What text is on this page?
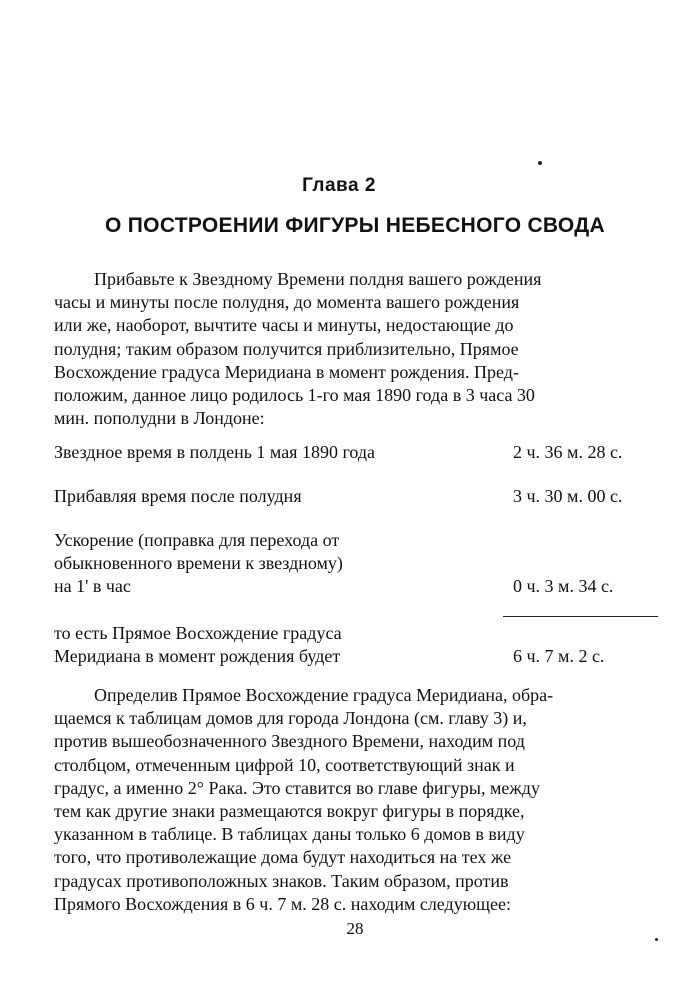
Глава 2
О ПОСТРОЕНИИ ФИГУРЫ НЕБЕСНОГО СВОДА
Прибавьте к Звездному Времени полдня вашего рождения
часы и минуты после полудня, до момента вашего рождения
или же, наоборот, вычтите часы и минуты, недостающие до
полудня; таким образом получится приблизительно, Прямое
Восхождение градуса Меридиана в момент рождения. Пред-
положим, данное лицо родилось 1-го мая 1890 года в 3 часа 30
мин. пополудни в Лондоне:
Звездное время в полдень 1 мая 1890 года	2 ч. 36 м. 28 с.
Прибавляя время после полудня	3 ч. 30 м. 00 с.
Ускорение (поправка для перехода от
обыкновенного времени к звездному)
на 1' в час	0 ч. 3 м. 34 с.
то есть Прямое Восхождение градуса
Меридиана в момент рождения будет	6 ч. 7 м. 2 с.
Определив Прямое Восхождение градуса Меридиана, обра-
щаемся к таблицам домов для города Лондона (см. главу 3) и,
против вышеобозначенного Звездного Времени, находим под
столбцом, отмеченным цифрой 10, соответствующий знак и
градус, а именно 2° Рака. Это ставится во главе фигуры, между
тем как другие знаки размещаются вокруг фигуры в порядке,
указанном в таблице. В таблицах даны только 6 домов в виду
того, что противолежащие дома будут находиться на тех же
градусах противоположных знаков. Таким образом, против
Прямого Восхождения в 6 ч. 7 м. 28 с. находим следующее:
28
